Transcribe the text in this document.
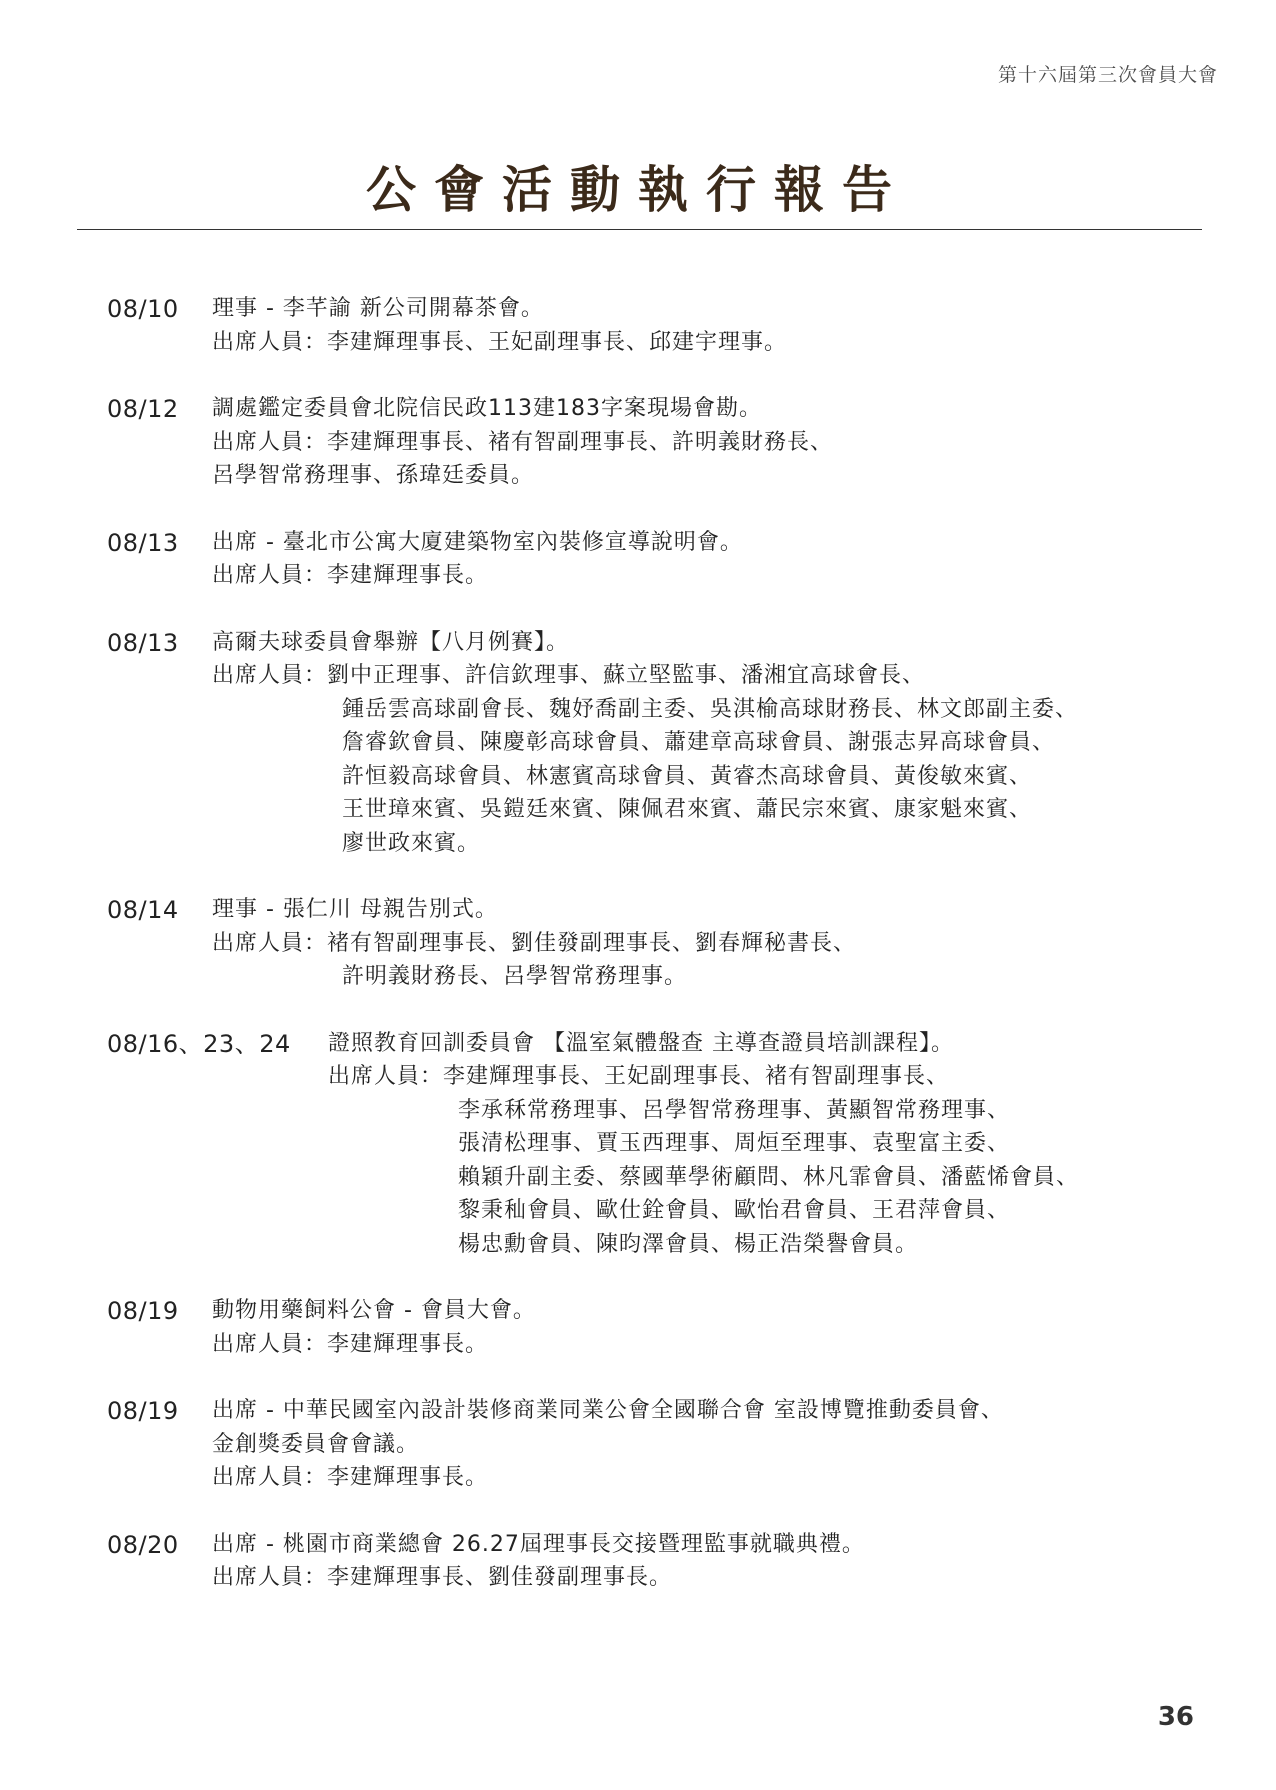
第十六屆第三次會員大會
公會活動執行報告
08/10	理事 - 李芊諭 新公司開幕茶會。
出席人員：李建輝理事長、王妃副理事長、邱建宇理事。
08/12	調處鑑定委員會北院信民政113建183字案現場會勘。
出席人員：李建輝理事長、褚有智副理事長、許明義財務長、
呂學智常務理事、孫瑋廷委員。
08/13	出席 - 臺北市公寓大廈建築物室內裝修宣導說明會。
出席人員：李建輝理事長。
08/13	高爾夫球委員會舉辦【八月例賽】。
出席人員：劉中正理事、許信欽理事、蘇立堅監事、潘湘宜高球會長、
鍾岳雲高球副會長、魏妤喬副主委、吳淇榆高球財務長、林文郎副主委、
詹睿欽會員、陳慶彰高球會員、蕭建章高球會員、謝張志昇高球會員、
許恒毅高球會員、林憲賓高球會員、黃睿杰高球會員、黃俊敏來賓、
王世璋來賓、吳鎧廷來賓、陳佩君來賓、蕭民宗來賓、康家魁來賓、
廖世政來賓。
08/14	理事 - 張仁川 母親告別式。
出席人員：褚有智副理事長、劉佳發副理事長、劉春輝秘書長、
許明義財務長、呂學智常務理事。
08/16、23、24	證照教育回訓委員會 【溫室氣體盤查 主導查證員培訓課程】。
出席人員：李建輝理事長、王妃副理事長、褚有智副理事長、
李承秝常務理事、呂學智常務理事、黃顯智常務理事、
張清松理事、賈玉西理事、周烜至理事、袁聖富主委、
賴穎升副主委、蔡國華學術顧問、林凡霏會員、潘藍悕會員、
黎秉秈會員、歐仕銓會員、歐怡君會員、王君萍會員、
楊忠勳會員、陳昀澤會員、楊正浩榮譽會員。
08/19	動物用藥飼料公會 - 會員大會。
出席人員：李建輝理事長。
08/19	出席 - 中華民國室內設計裝修商業同業公會全國聯合會 室設博覽推動委員會、
金創獎委員會會議。
出席人員：李建輝理事長。
08/20	出席 - 桃園市商業總會 26.27屆理事長交接暨理監事就職典禮。
出席人員：李建輝理事長、劉佳發副理事長。
36
